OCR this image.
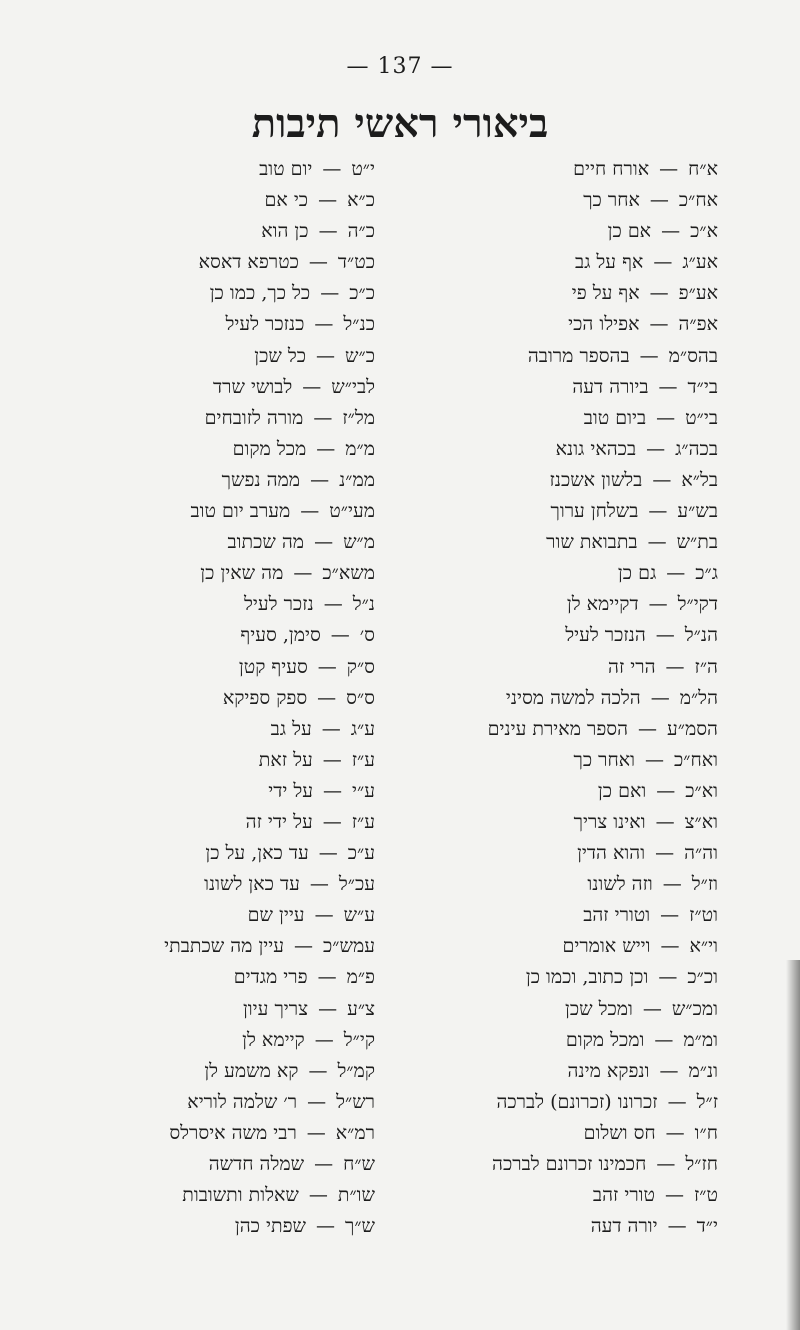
— 137 —
ביאורי ראשי תיבות
א״ח
—
אורח חיים
אח״כ
—
אחר כך
א״כ
—
אם כן
אע״ג
—
אף על גב
אע״פ
—
אף על פי
אפ״ה
—
אפילו הכי
בהס״מ
—
בהספר מרובה
בי״ד
—
ביורה דעה
בי״ט
—
ביום טוב
בכה״ג
—
בכהאי גונא
בל״א
—
בלשון אשכנז
בש״ע
—
בשלחן ערוך
בת״ש
—
בתבואת שור
ג״כ
—
גם כן
דקי״ל
—
דקיימא לן
הנ״ל
—
הנזכר לעיל
ה״ז
—
הרי זה
הל״מ
—
הלכה למשה מסיני
הסמ״ע
—
הספר מאירת עינים
ואח״כ
—
ואחר כך
וא״כ
—
ואם כן
וא״צ
—
ואינו צריך
וה״ה
—
והוא הדין
וז״ל
—
וזה לשונו
וט״ז
—
וטורי זהב
וי״א
—
וייש אומרים
וכ״כ
—
וכן כתוב, וכמו כן
ומכ״ש
—
ומכל שכן
ומ״מ
—
ומכל מקום
ונ״מ
—
ונפקא מינה
ז״ל
—
זכרונו (זכרונם) לברכה
ח״ו
—
חס ושלום
חז״ל
—
חכמינו זכרונם לברכה
ט״ז
—
טורי זהב
י״ד
—
יורה דעה
י״ט
—
יום טוב
כ״א
—
כי אם
כ״ה
—
כן הוא
כט״ד
—
כטרפא דאסא
כ״כ
—
כל כך, כמו כן
כנ״ל
—
כנזכר לעיל
כ״ש
—
כל שכן
לבי״ש
—
לבושי שרד
מל״ז
—
מורה לזובחים
מ״מ
—
מכל מקום
ממ״נ
—
ממה נפשך
מעי״ט
—
מערב יום טוב
מ״ש
—
מה שכתוב
משא״כ
—
מה שאין כן
נ״ל
—
נזכר לעיל
ס׳
—
סימן, סעיף
ס״ק
—
סעיף קטן
ס״ס
—
ספק ספיקא
ע״ג
—
על גב
ע״ז
—
על זאת
ע״י
—
על ידי
ע״ז
—
על ידי זה
ע״כ
—
עד כאן, על כן
עכ״ל
—
עד כאן לשונו
ע״ש
—
עיין שם
עמש״כ
—
עיין מה שכתבתי
פ״מ
—
פרי מגדים
צ״ע
—
צריך עיון
קי״ל
—
קיימא לן
קמ״ל
—
קא משמע לן
רש״ל
—
ר׳ שלמה לוריא
רמ״א
—
רבי משה איסרלס
ש״ח
—
שמלה חדשה
שו״ת
—
שאלות ותשובות
ש״ך
—
שפתי כהן
